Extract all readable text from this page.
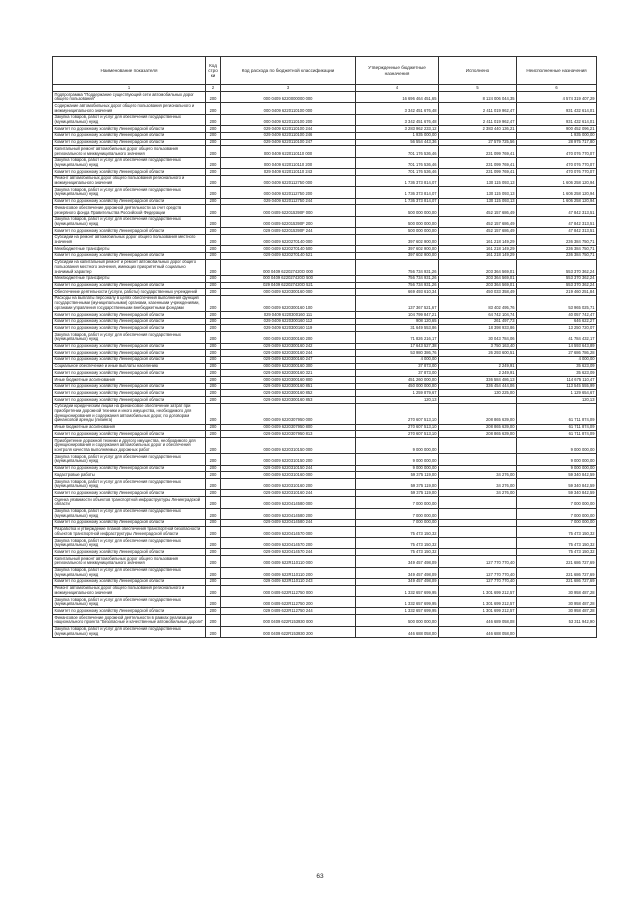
Наименование показателя	Код строки	Код расхода по бюджетной классификации	Утвержденные бюджетные назначения	Исполнено	Неисполненные назначения
1	2	3	4	5	6
Подпрограмма "Поддержание существующей сети автомобильных дорог общего пользования"	200	000 0409 6220000000 000	16 696 464 451,65	8 124 006 044,35	4 574 319 407,29
Содержание автомобильных дорог общего пользования регионального и межмуниципального значения	200	000 0409 6220110100 000	3 342 451 676,48	2 411 019 962,47	931 432 614,01
Закупка товаров, работ и услуг для обеспечения государственных (муниципальных) нужд	200	000 0409 6220110100 200	3 342 451 676,48	2 411 019 962,47	931 432 614,01
Комитет по дорожному хозяйству Ленинградской области	200	029 0409 6220110100 244	3 283 962 233,12	2 383 440 136,21	900 452 096,21
Комитет по дорожному хозяйству Ленинградской области	200	029 0409 6220110100 246	1 935 000,00		1 935 000,00
Комитет по дорожному хозяйству Ленинградской области	200	029 0409 6220110100 247	56 554 443,36	27 579 725,56	28 975 717,80
Капитальный ремонт автомобильных дорог общего пользования регионального и межмуниципального значения	200	000 0409 6220110110 000	701 176 536,46	231 099 769,41	470 076 770,07
Закупка товаров, работ и услуг для обеспечения государственных (муниципальных) нужд	200	000 0409 6220110110 200	701 176 536,46	231 099 769,41	470 076 770,07
Комитет по дорожному хозяйству Ленинградской области	200	029 0409 6220110110 243	701 176 536,46	231 099 769,41	470 076 770,07
Ремонт автомобильных дорог общего пользования регионального и межмуниципального значения	200	000 0409 6220112750 000	1 736 373 814,07	130 115 093,13	1 606 258 120,94
Закупка товаров, работ и услуг для обеспечения государственных (муниципальных) нужд	200	000 0409 6220112750 200	1 736 373 814,07	130 115 093,13	1 606 258 120,94
Комитет по дорожному хозяйству Ленинградской области	200	029 0409 6220112750 244	1 736 373 814,07	130 115 093,13	1 606 258 120,94
Финансовое обеспечение дорожной деятельности за счет средств резервного фонда Правительства Российской Федерации	200	000 0409 622015390F 000	500 000 000,00	452 157 686,49	47 842 313,51
Закупка товаров, работ и услуг для обеспечения государственных (муниципальных) нужд	200	000 0409 622015390F 200	500 000 000,00	452 157 686,49	47 842 313,51
Комитет по дорожному хозяйству Ленинградской области	200	029 0409 622015390F 244	500 000 000,00	452 157 686,49	47 842 313,51
Субсидии на ремонт автомобильных дорог общего пользования местного значения	200	000 0409 6220270140 000	397 602 900,00	161 218 149,29	236 384 750,71
Межбюджетные трансферты	200	000 0409 6220270140 500	397 602 900,00	161 218 149,29	236 384 750,71
Комитет по дорожному хозяйству Ленинградской области	200	029 0409 6220270140 521	397 602 900,00	161 218 149,29	236 384 750,71
Субсидии на капитальный ремонт и ремонт автомобильных дорог общего пользования местного значения, имеющих приоритетный социально значимый характер	200	000 0409 622027420О 000	756 734 931,26	203 364 569,01	553 370 362,24
Межбюджетные трансферты	200	000 0409 622027420О 500	756 734 931,26	203 364 569,01	553 370 362,24
Комитет по дорожному хозяйству Ленинградской области	200	029 0409 622027420О 521	756 734 931,26	203 364 569,01	553 370 362,24
Обеспечение деятельности (услуги, работы) государственных учреждений	200	000 0409 6220300160 000	669 493 610,34	450 033 358,49	219 460 251,84
Расходы на выплаты персоналу в целях обеспечения выполнения функций государственными (муниципальными) органами, казенными учреждениями, органами управления государственными внебюджетными фондами	200	000 0409 6220300160 100	137 367 521,67	83 402 495,76	53 965 025,71
Комитет по дорожному хозяйству Ленинградской области	200	029 0409 6220300160 111	104 799 847,21	64 742 104,74	40 057 742,47
Комитет по дорожному хозяйству Ленинградской области	200	029 0409 6220300160 112	908 120,65	261 497,73	646 622,27
Комитет по дорожному хозяйству Ленинградской области	200	029 0409 6220300160 119	31 649 553,86	18 398 933,86	13 250 720,07
Закупка товаров, работ и услуг для обеспечения государственных (муниципальных) нужд	200	000 0409 6220300160 200	71 826 216,17	30 043 784,06	41 784 432,17
Комитет по дорожному хозяйству Ленинградской области	200	029 0409 6220300160 242	17 643 527,38	3 750 163,40	14 593 643,89
Комитет по дорожному хозяйству Ленинградской области	200	029 0409 6220300160 244	53 980 386,76	26 293 600,51	27 686 786,28
Комитет по дорожному хозяйству Ленинградской области	200	029 0409 6220300160 247	4 000,00		4 000,00
Социальное обеспечение и иные выплаты населению	200	000 0409 6220300160 300	37 873,00	2 249,91	35 623,09
Комитет по дорожному хозяйству Ленинградской области	200	029 0409 6220300160 321	37 873,00	2 249,91	35 623,09
Иные бюджетные ассигнования	200	000 0409 6220300160 800	451 260 000,00	336 584 486,13	114 675 110,47
Комитет по дорожному хозяйству Ленинградской области	200	029 0409 6220300160 851	450 000 000,00	336 454 444,06	113 545 555,99
Комитет по дорожному хозяйству Ленинградской области	200	029 0409 6220300160 852	1 259 879,67	130 225,00	1 129 654,67
Комитет по дорожному хозяйству Ленинградской области	200	029 0409 6220300160 853	120,13		120,13
Субсидии юридическим лицам на финансовое обеспечение затрат при приобретении дорожной техники и иного имущества, необходимого для функционирования и содержания автомобильных дорог, по договорам финансовой аренды (лизинга)	200	000 0409 6220307950 000	270 607 513,10	208 865 639,00	61 711 874,09
Иные бюджетные ассигнования	200	000 0409 6220307950 800	270 607 513,10	208 865 639,00	61 711 874,09
Комитет по дорожному хозяйству Ленинградской области	200	029 0409 6220307950 813	270 607 513,10	208 865 639,00	61 711 874,09
Приобретение дорожной техники и другого имущества, необходимого для функционирования и содержания автомобильных дорог и обеспечения контроля качества выполняемых дорожных работ	200	000 0409 6220310150 000	9 000 000,00		9 000 000,00
Закупка товаров, работ и услуг для обеспечения государственных (муниципальных) нужд	200	000 0409 6220310150 200	9 000 000,00		9 000 000,00
Комитет по дорожному хозяйству Ленинградской области	200	029 0409 6220310150 244	9 000 000,00		9 000 000,00
Кадастровые работы	200	000 0409 6220310160 000	59 375 119,00	34 276,00	59 340 842,59
Закупка товаров, работ и услуг для обеспечения государственных (муниципальных) нужд	200	000 0409 6220310160 200	59 375 119,00	34 276,00	59 340 842,59
Комитет по дорожному хозяйству Ленинградской области	200	029 0409 6220310160 244	59 375 119,00	34 276,00	59 340 842,59
Оценка уязвимости объектов транспортной инфраструктуры Ленинградской области	200	000 0409 6220414580 000	7 000 000,00		7 000 000,00
Закупка товаров, работ и услуг для обеспечения государственных (муниципальных) нужд	200	000 0409 6220414580 200	7 000 000,00		7 000 000,00
Комитет по дорожному хозяйству Ленинградской области	200	029 0409 6220414580 244	7 000 000,00		7 000 000,00
Разработка и утверждение планов обеспечения транспортной безопасности объектов транспортной инфраструктуры Ленинградской области	200	000 0409 6220414570 000	75 473 150,32		75 473 150,32
Закупка товаров, работ и услуг для обеспечения государственных (муниципальных) нужд	200	000 0409 6220414570 200	75 473 150,32		75 473 150,32
Комитет по дорожному хозяйству Ленинградской области	200	029 0409 6220414570 244	75 473 150,32		75 473 150,32
Капитальный ремонт автомобильных дорог общего пользования регионального и межмуниципального значения	200	000 0409 622R110110 000	349 457 498,09	127 770 770,40	221 686 727,69
Закупка товаров, работ и услуг для обеспечения государственных (муниципальных) нужд	200	000 0409 622R110110 200	349 457 498,09	127 770 770,40	221 686 727,69
Комитет по дорожному хозяйству Ленинградской области	200	029 0409 622R110110 243	349 457 498,09	127 770 770,40	221 686 727,69
Ремонт автомобильных дорог общего пользования регионального и межмуниципального значения	200	000 0409 622R112750 000	1 332 657 699,95	1 301 699 212,57	30 958 487,28
Закупка товаров, работ и услуг для обеспечения государственных (муниципальных) нужд	200	000 0409 622R112750 200	1 332 657 699,95	1 301 699 212,57	30 958 487,28
Комитет по дорожному хозяйству Ленинградской области	200	029 0409 622R112750 244	1 332 657 699,95	1 301 699 212,57	30 958 487,28
Финансовое обеспечение дорожной деятельности в рамках реализации национального проекта "Безопасные и качественные автомобильные дороги"	200	000 0409 622R153930 000	500 000 000,00	446 689 058,08	53 311 942,90
Закупка товаров, работ и услуг для обеспечения государственных (муниципальных) нужд	200	000 0409 622R153930 200	446 688 058,00	446 688 058,00	
63
